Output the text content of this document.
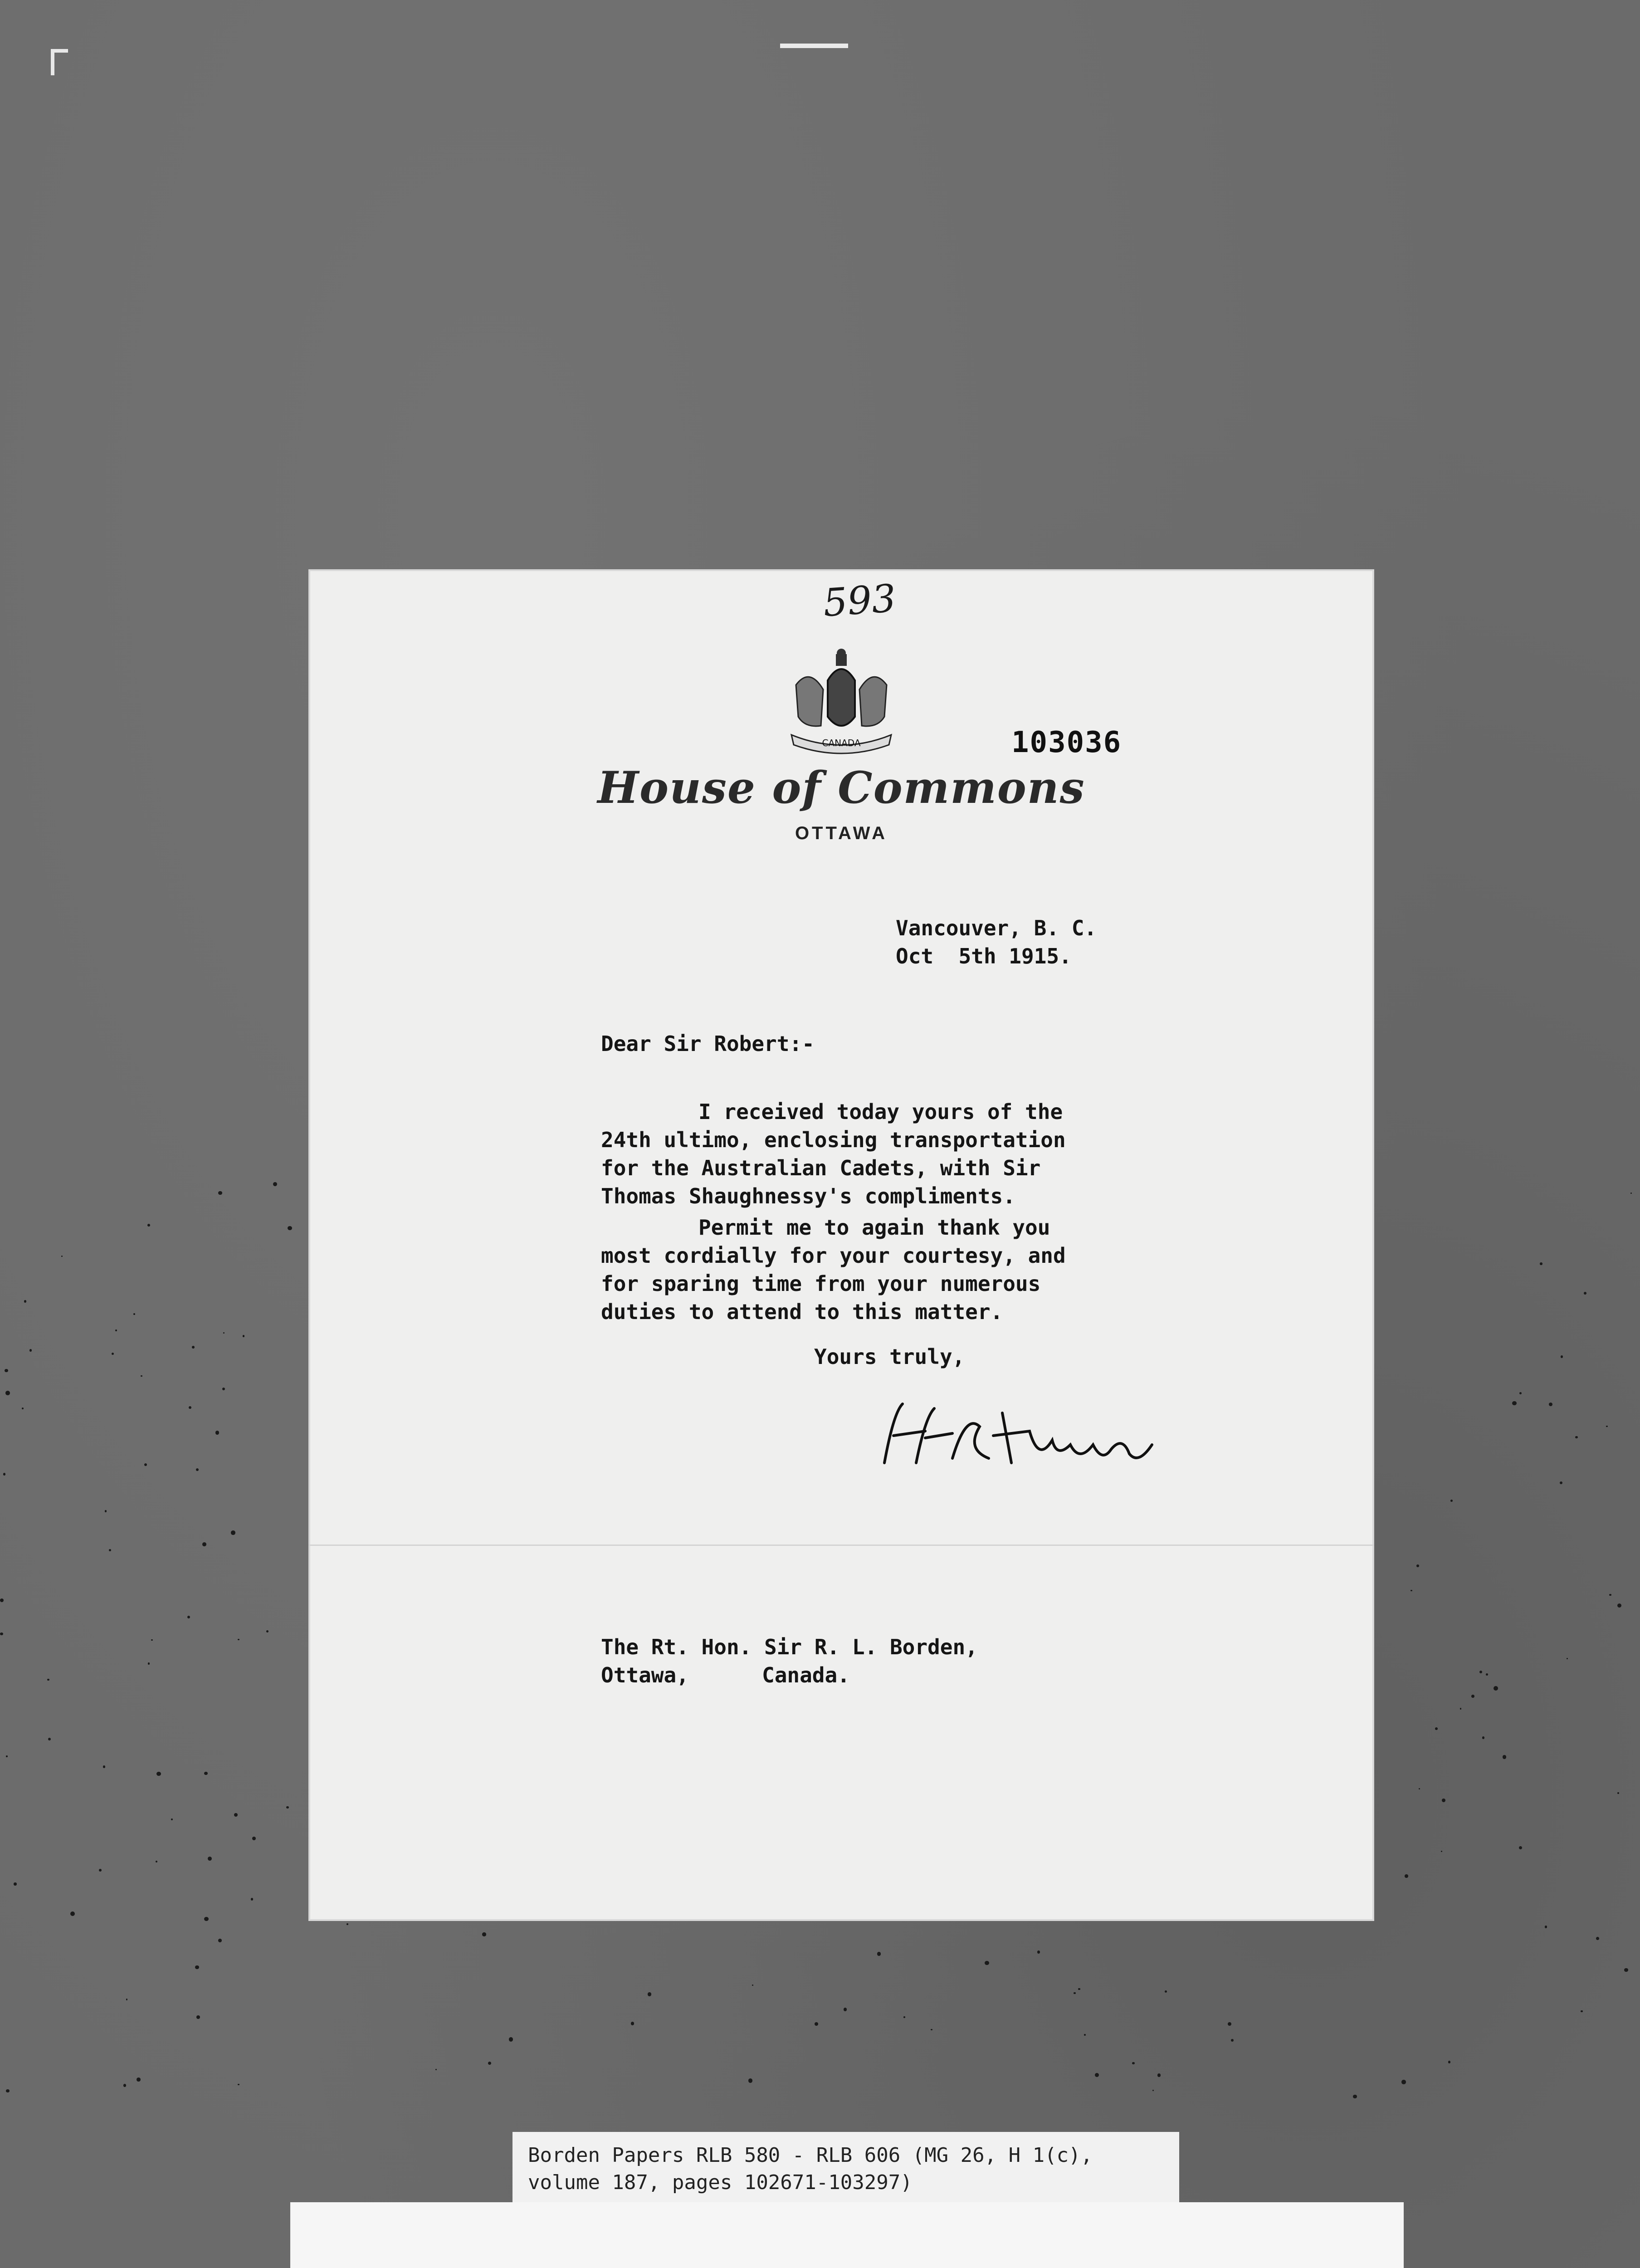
593
CANADA	103036
House of Commons
OTTAWA
Vancouver, B. C.
Oct  5th 1915.
Dear Sir Robert:-
I received today yours of the
24th ultimo, enclosing transportation
for the Australian Cadets, with Sir
Thomas Shaughnessy's compliments.
Permit me to again thank you
most cordially for your courtesy, and
for sparing time from your numerous
duties to attend to this matter.
Yours truly,
The Rt. Hon. Sir R. L. Borden,
Ottawa,	Canada.
Borden Papers RLB 580 - RLB 606 (MG 26, H 1(c),
volume 187, pages 102671-103297)
